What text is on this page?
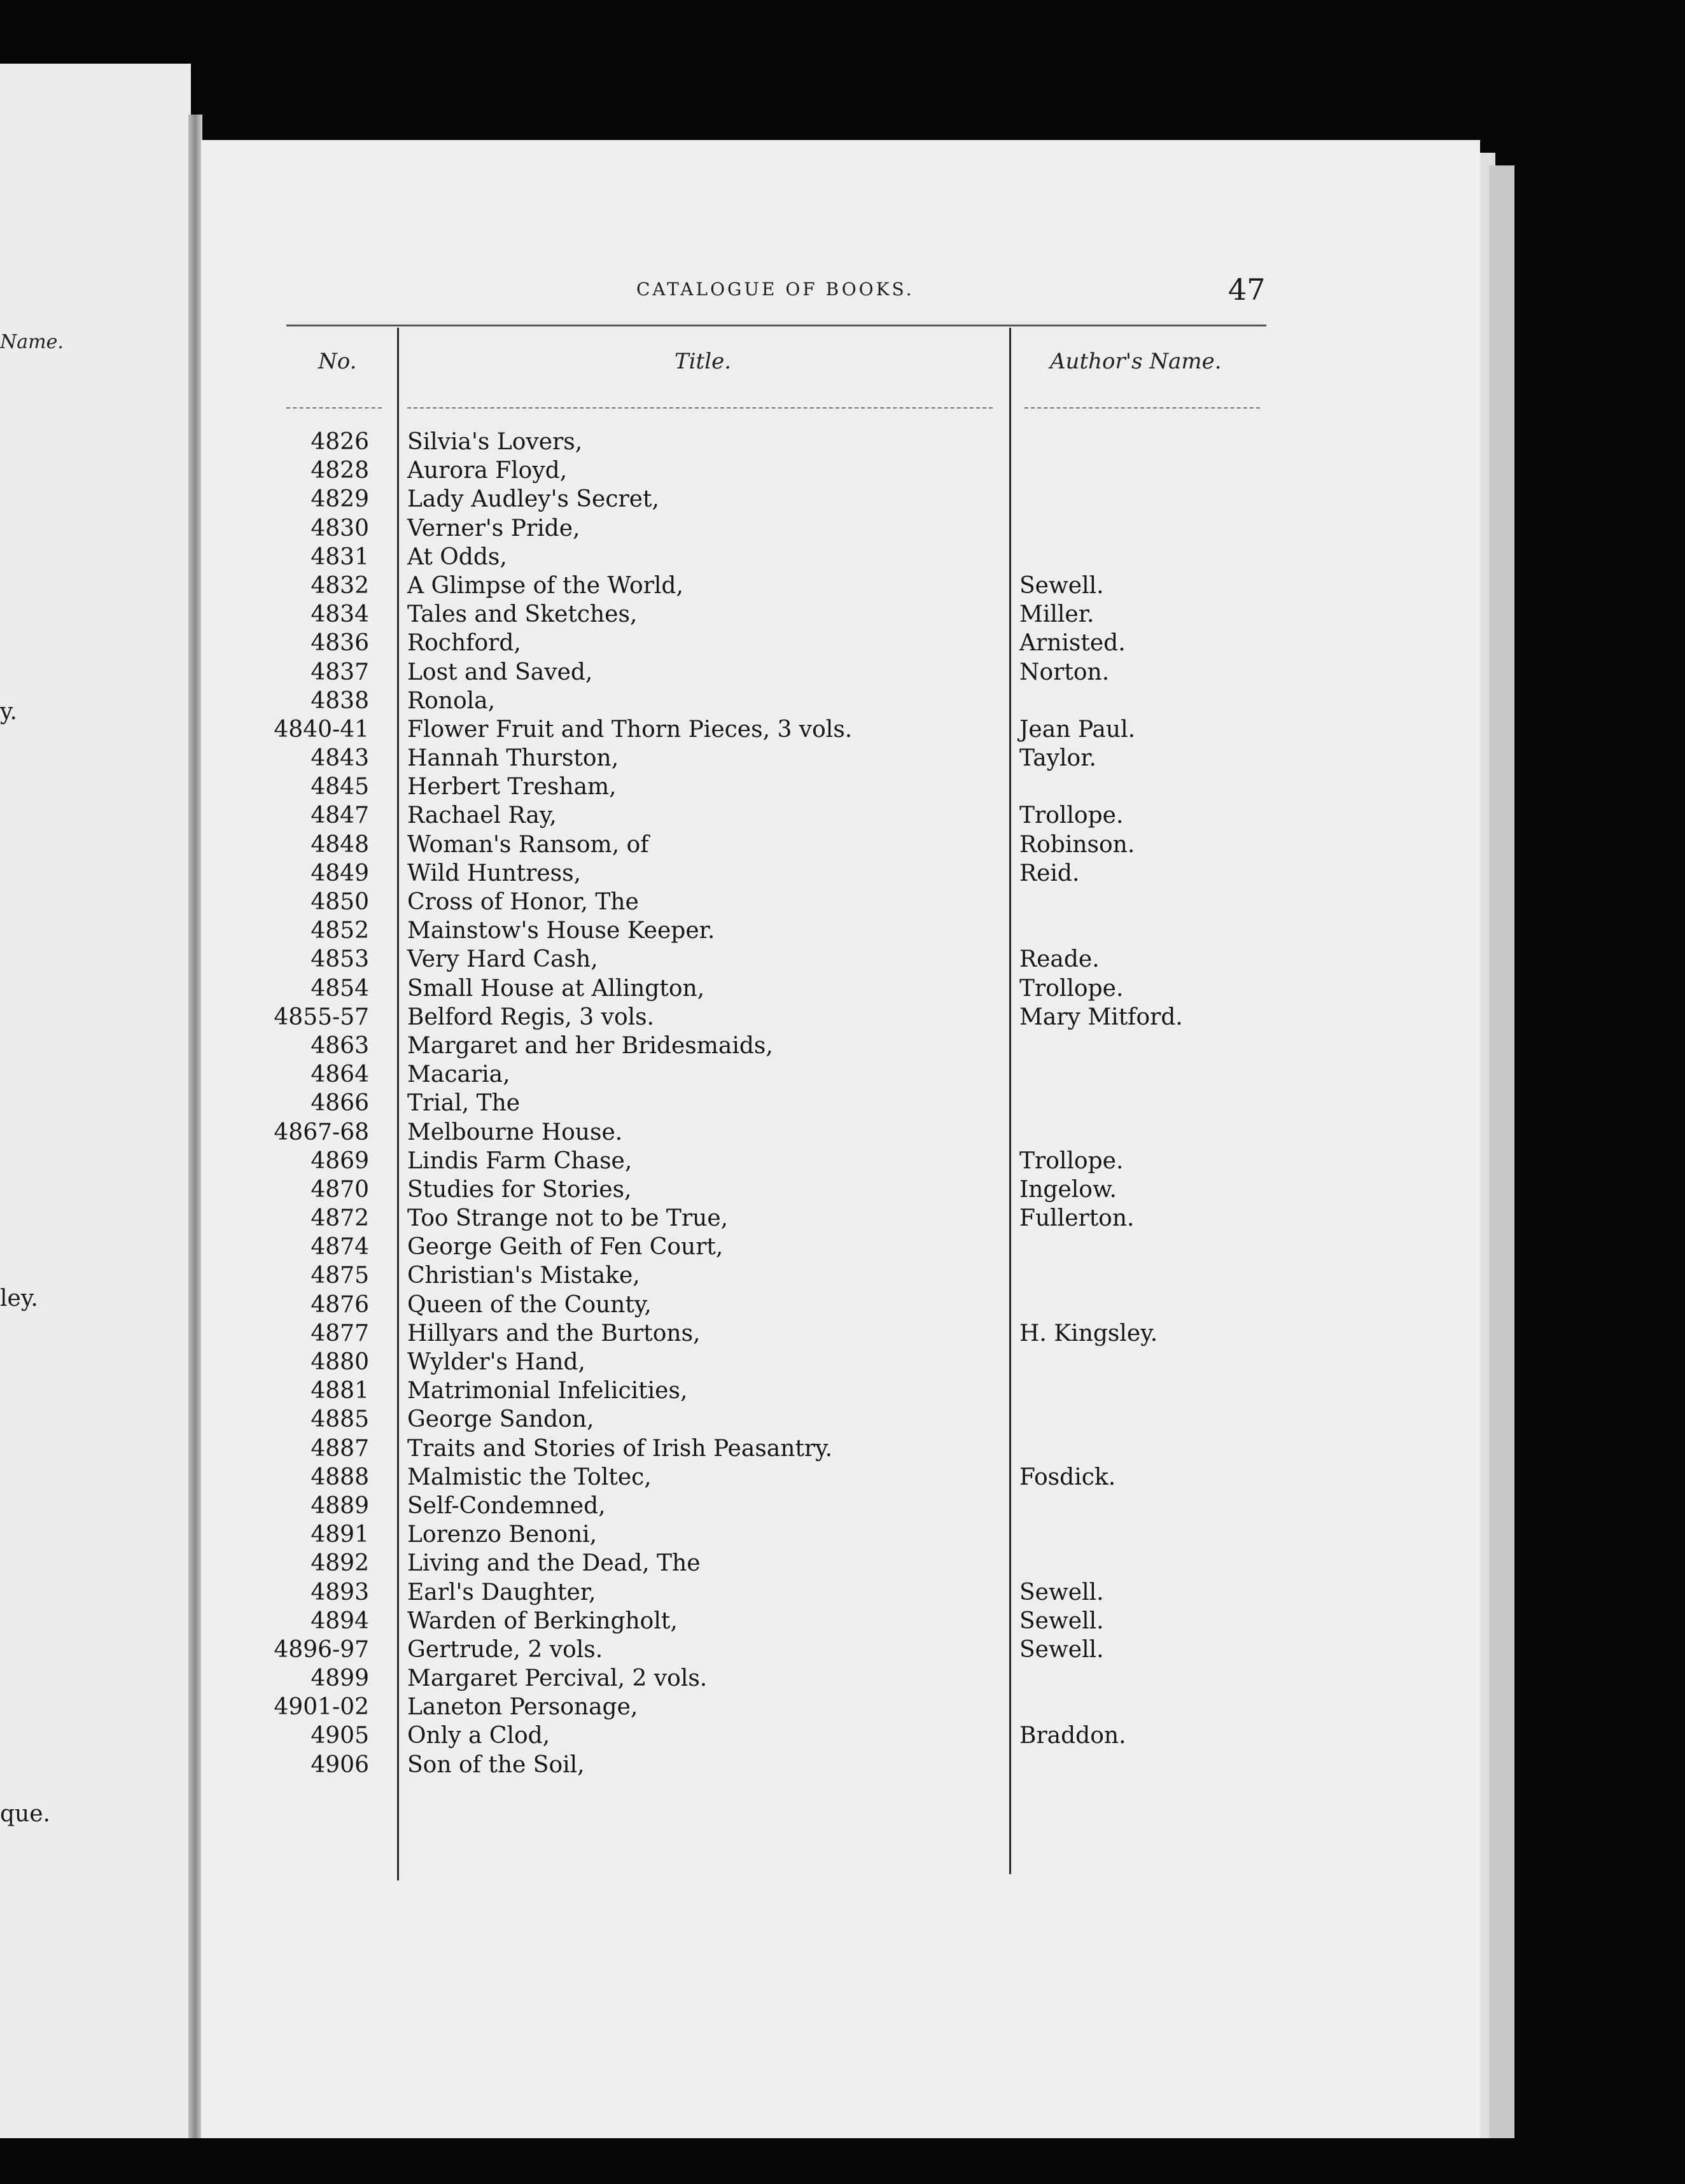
Name.
y.
ley.
que.
CATALOGUE OF BOOKS.	47
No.	Title.	Author's Name.
4826 Silvia's Lovers,
4828 Aurora Floyd,
4829 Lady Audley's Secret,
4830 Verner's Pride,
4831 At Odds,
4832 A Glimpse of the World,	Sewell.
4834 Tales and Sketches,	Miller.
4836 Rochford,	Arnisted.
4837 Lost and Saved,	Norton.
4838 Ronola,
4840-41 Flower Fruit and Thorn Pieces, 3 vols.	Jean Paul.
4843 Hannah Thurston,	Taylor.
4845 Herbert Tresham,
4847 Rachael Ray,	Trollope.
4848 Woman's Ransom, of	Robinson.
4849 Wild Huntress,	Reid.
4850 Cross of Honor, The
4852 Mainstow's House Keeper.
4853 Very Hard Cash,	Reade.
4854 Small House at Allington,	Trollope.
4855-57 Belford Regis, 3 vols.	Mary Mitford.
4863 Margaret and her Bridesmaids,
4864 Macaria,
4866 Trial, The
4867-68 Melbourne House.
4869 Lindis Farm Chase,	Trollope.
4870 Studies for Stories,	Ingelow.
4872 Too Strange not to be True,	Fullerton.
4874 George Geith of Fen Court,
4875 Christian's Mistake,
4876 Queen of the County,
4877 Hillyars and the Burtons,	H. Kingsley.
4880 Wylder's Hand,
4881 Matrimonial Infelicities,
4885 George Sandon,
4887 Traits and Stories of Irish Peasantry.
4888 Malmistic the Toltec,	Fosdick.
4889 Self-Condemned,
4891 Lorenzo Benoni,
4892 Living and the Dead, The
4893 Earl's Daughter,	Sewell.
4894 Warden of Berkingholt,	Sewell.
4896-97 Gertrude, 2 vols.	Sewell.
4899 Margaret Percival, 2 vols.
4901-02 Laneton Personage,
4905 Only a Clod,	Braddon.
4906 Son of the Soil,
